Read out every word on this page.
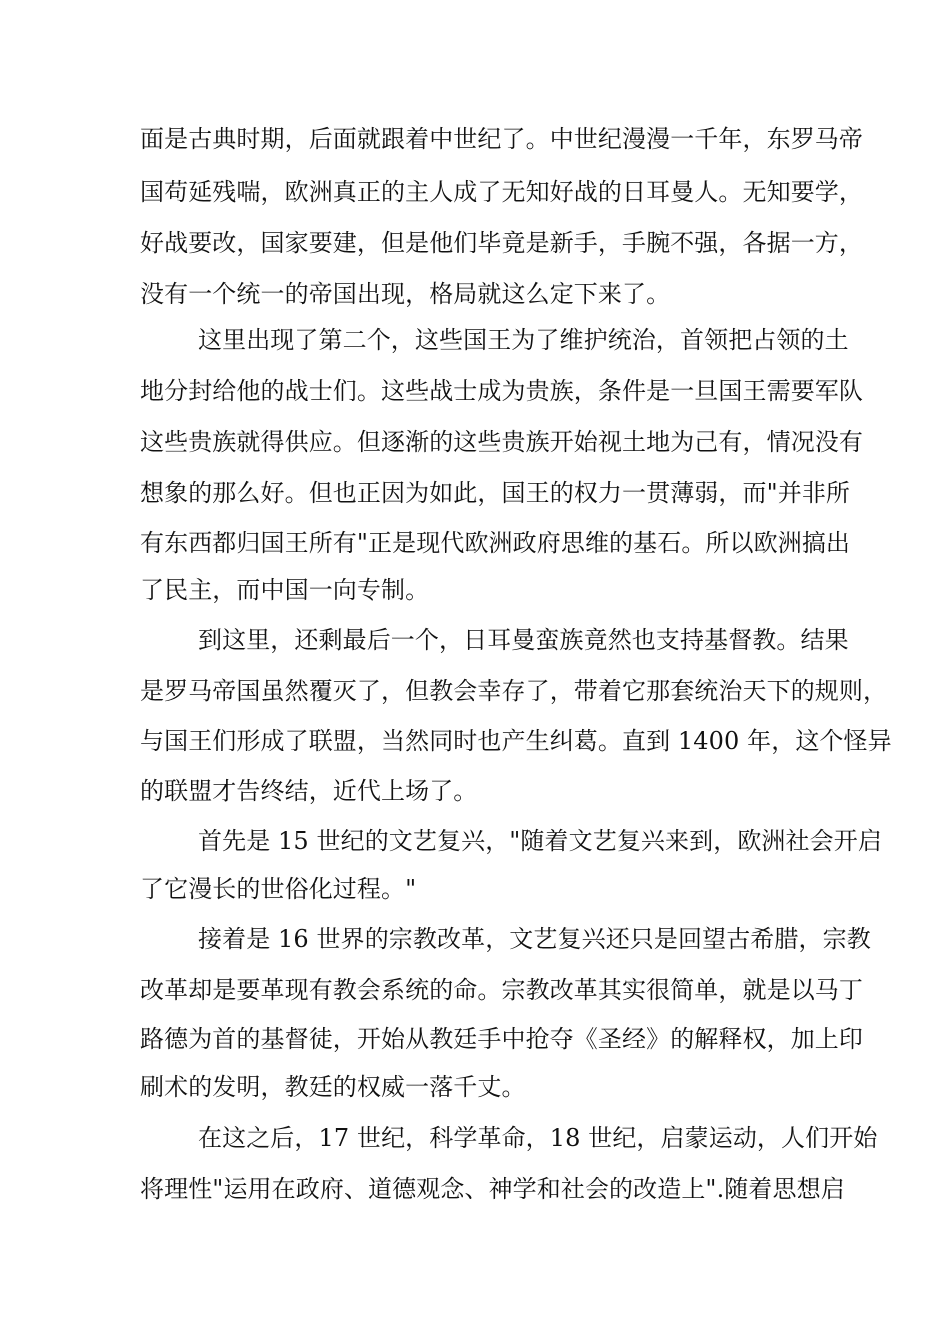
面是古典时期，后面就跟着中世纪了。中世纪漫漫一千年，东罗马帝
国苟延残喘，欧洲真正的主人成了无知好战的日耳曼人。无知要学，
好战要改，国家要建，但是他们毕竟是新手，手腕不强，各据一方，
没有一个统一的帝国出现，格局就这么定下来了。
这里出现了第二个，这些国王为了维护统治，首领把占领的土
地分封给他的战士们。这些战士成为贵族，条件是一旦国王需要军队
这些贵族就得供应。但逐渐的这些贵族开始视土地为己有，情况没有
想象的那么好。但也正因为如此，国王的权力一贯薄弱，而"并非所
有东西都归国王所有"正是现代欧洲政府思维的基石。所以欧洲搞出
了民主，而中国一向专制。
到这里，还剩最后一个，日耳曼蛮族竟然也支持基督教。结果
是罗马帝国虽然覆灭了，但教会幸存了，带着它那套统治天下的规则，
与国王们形成了联盟，当然同时也产生纠葛。直到 1400 年，这个怪异
的联盟才告终结，近代上场了。
首先是 15 世纪的文艺复兴，"随着文艺复兴来到，欧洲社会开启
了它漫长的世俗化过程。"
接着是 16 世界的宗教改革，文艺复兴还只是回望古希腊，宗教
改革却是要革现有教会系统的命。宗教改革其实很简单，就是以马丁
路德为首的基督徒，开始从教廷手中抢夺《圣经》的解释权，加上印
刷术的发明，教廷的权威一落千丈。
在这之后，17 世纪，科学革命，18 世纪，启蒙运动，人们开始
将理性"运用在政府、道德观念、神学和社会的改造上".随着思想启
